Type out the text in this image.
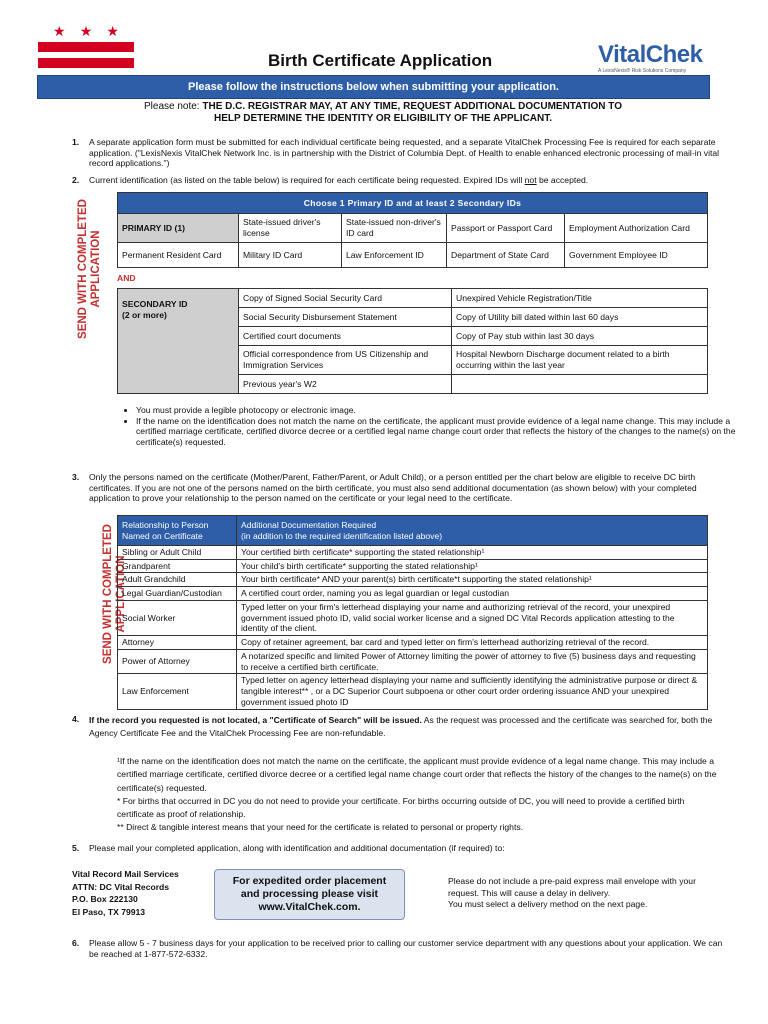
★ ★ ★
Birth Certificate Application	VitalChek
A LexisNexis® Risk Solutions Company
Please follow the instructions below when submitting your application.
Please note: THE D.C. REGISTRAR MAY, AT ANY TIME, REQUEST ADDITIONAL DOCUMENTATION TO
HELP DETERMINE THE IDENTITY OR ELIGIBILITY OF THE APPLICANT.
1. A separate application form must be submitted for each individual certificate being requested, and a separate VitalChek Processing Fee is required for each separate application. ("LexisNexis VitalChek Network Inc. is in partnership with the District of Columbia Dept. of Health to enable enhanced electronic processing of mail-in vital record applications.")
2. Current identification (as listed on the table below) is required for each certificate being requested. Expired IDs will not be accepted.
SEND WITH COMPLETED APPLICATION
Choose 1 Primary ID and at least 2 Secondary IDs				
PRIMARY ID (1)	State-issued driver's license	State-issued non-driver's ID card	Passport or Passport Card	Employment Authorization Card
Permanent Resident Card	Military ID Card	Law Enforcement ID	Department of State Card	Government Employee ID
AND
SECONDARY ID
(2 or more)	Copy of Signed Social Security Card	Unexpired Vehicle Registration/Title
	Social Security Disbursement Statement	Copy of Utility bill dated within last 60 days
	Certified court documents	Copy of Pay stub within last 30 days
	Official correspondence from US Citizenship and Immigration Services	Hospital Newborn Discharge document related to a birth occurring within the last year
	Previous year's W2	
• You must provide a legible photocopy or electronic image.
• If the name on the identification does not match the name on the certificate, the applicant must provide evidence of a legal name change. This may include a certified marriage certificate, certified divorce decree or a certified legal name change court order that reflects the history of the changes to the name(s) on the certificate(s) requested.
3. Only the persons named on the certificate (Mother/Parent, Father/Parent, or Adult Child), or a person entitled per the chart below are eligible to receive DC birth certificates. If you are not one of the persons named on the birth certificate, you must also send additional documentation (as shown below) with your completed application to prove your relationship to the person named on the certificate or your legal need to the certificate.
SEND WITH COMPLETED APPLICATION
Relationship to Person Named on Certificate	Additional Documentation Required
(in addition to the required identification listed above)

Sibling or Adult Child	Your certified birth certificate* supporting the stated relationship¹
Grandparent	Your child's birth certificate* supporting the stated relationship¹
Adult Grandchild	Your birth certificate* AND your parent(s) birth certificate*t supporting the stated relationship¹
Legal Guardian/Custodian	A certified court order, naming you as legal guardian or legal custodian
Social Worker	Typed letter on your firm's letterhead displaying your name and authorizing retrieval of the record, your unexpired government issued photo ID, valid social worker license and a signed DC Vital Records application attesting to the identity of the client.
Attorney	Copy of retainer agreement, bar card and typed letter on firm's letterhead authorizing retrieval of the record.
Power of Attorney	A notarized specific and limited Power of Attorney limiting the power of attorney to five (5) business days and requesting to receive a certified birth certificate.
Law Enforcement	Typed letter on agency letterhead displaying your name and sufficiently identifying the administrative purpose or direct & tangible interest** , or a DC Superior Court subpoena or other court order ordering issuance AND your unexpired government issued photo ID
4. If the record you requested is not located, a "Certificate of Search" will be issued. As the request was processed and the certificate was searched for, both the Agency Certificate Fee and the VitalChek Processing Fee are non-refundable.
¹If the name on the identification does not match the name on the certificate, the applicant must provide evidence of a legal name change. This may include a certified marriage certificate, certified divorce decree or a certified legal name change court order that reflects the history of the changes to the name(s) on the certificate(s) requested.
* For births that occurred in DC you do not need to provide your certificate. For births occurring outside of DC, you will need to provide a certified birth certificate as proof of relationship.
** Direct & tangible interest means that your need for the certificate is related to personal or property rights.
5. Please mail your completed application, along with identification and additional documentation (if required) to:
Vital Record Mail Services
ATTN: DC Vital Records
P.O. Box 222130
El Paso, TX 79913
For expedited order placement
and processing please visit
www.VitalChek.com.
Please do not include a pre-paid express mail envelope with your request. This will cause a delay in delivery.
You must select a delivery method on the next page.
6. Please allow 5 - 7 business days for your application to be received prior to calling our customer service department with any questions about your application. We can be reached at 1-877-572-6332.
